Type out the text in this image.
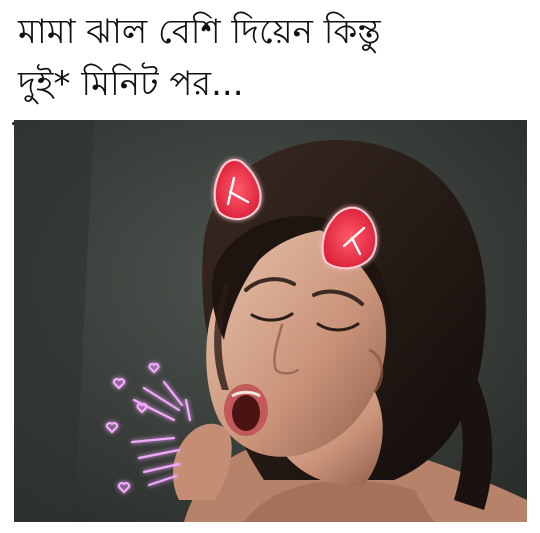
মামা ঝাল বেশি দিয়েন কিন্তু
দুই* মিনিট পর...
